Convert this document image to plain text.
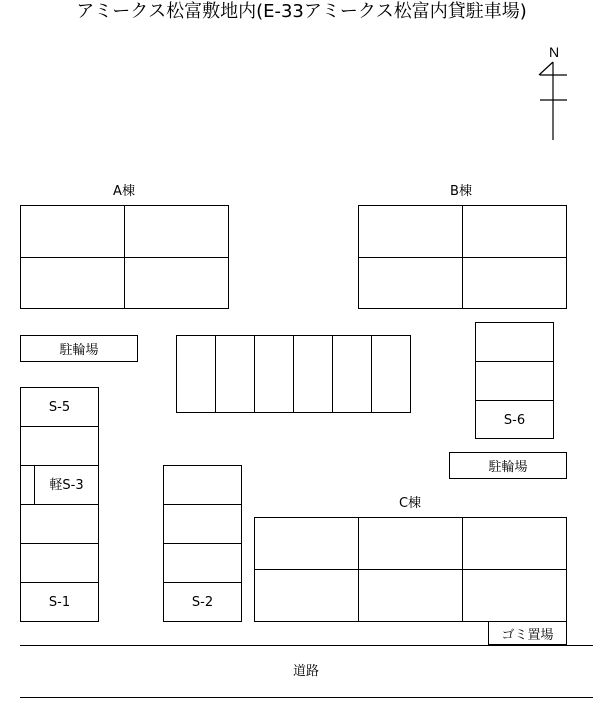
アミークス松富敷地内(E-33アミークス松富内貸駐車場)
N
A棟	B棟
駐輪場
S-6
駐輪場
S-5
軽S-3
S-1	S-2
C棟
ゴミ置場
道路
